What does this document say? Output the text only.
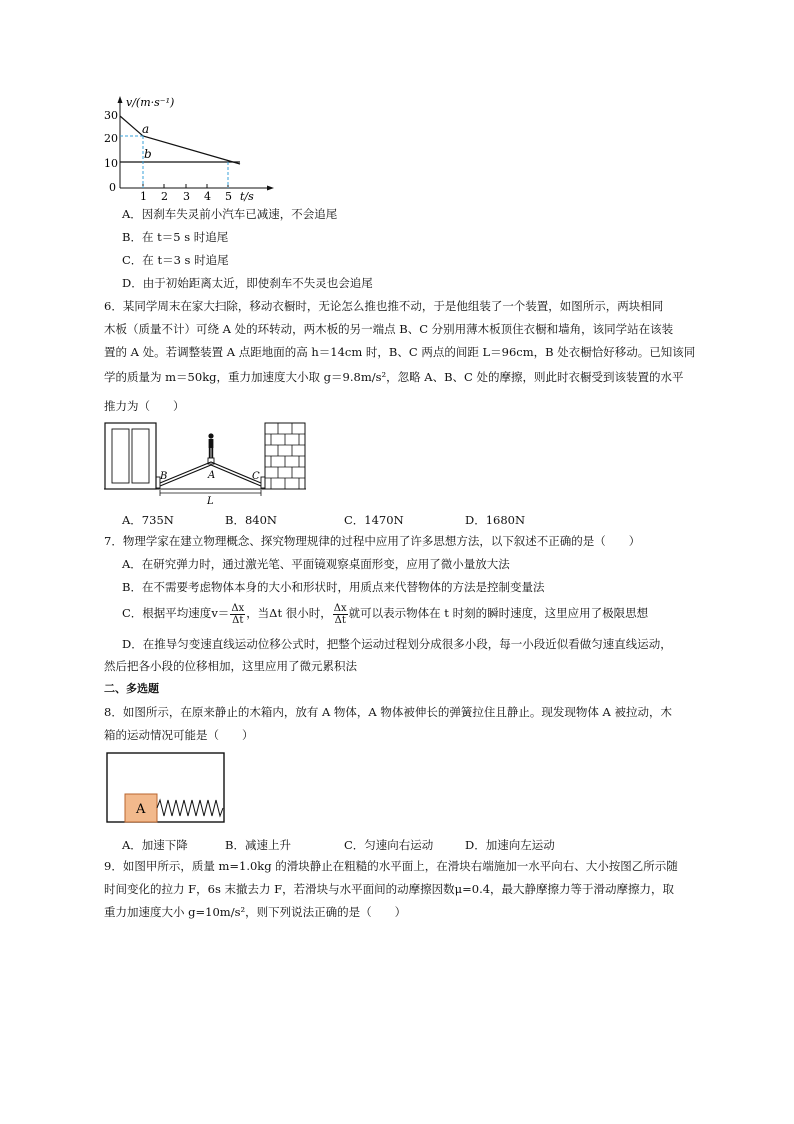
v/(m·s⁻¹)
30
20
10
0
1 2 3 4 5 t/s
a
b
A．因刹车失灵前小汽车已减速，不会追尾
B．在 t＝5 s 时追尾
C．在 t＝3 s 时追尾
D．由于初始距离太近，即使刹车不失灵也会追尾
6．某同学周末在家大扫除，移动衣橱时，无论怎么推也推不动，于是他组装了一个装置，如图所示，两块相同
木板（质量不计）可绕 A 处的环转动，两木板的另一端点 B、C 分别用薄木板顶住衣橱和墙角，该同学站在该装
置的 A 处。若调整装置 A 点距地面的高 h＝14cm 时，B、C 两点的间距 L＝96cm，B 处衣橱恰好移动。已知该同
学的质量为 m＝50kg，重力加速度大小取 g＝9.8m/s²，忽略 A、B、C 处的摩擦，则此时衣橱受到该装置的水平
推力为（　　）
B	A	C
L
A．735N	B．840N	C．1470N	D．1680N
7．物理学家在建立物理概念、探究物理规律的过程中应用了许多思想方法，以下叙述不正确的是（　　）
A．在研究弹力时，通过激光笔、平面镜观察桌面形变，应用了微小量放大法
B．在不需要考虑物体本身的大小和形状时，用质点来代替物体的方法是控制变量法
C．根据平均速度$v= \frac{\Delta x}{\Delta t}$ ，当Δt 很小时， $\frac{\Delta x}{\Delta t}$ 就可以表示物体在 t 时刻的瞬时速度，这里应用了极限思想
D．在推导匀变速直线运动位移公式时，把整个运动过程划分成很多小段，每一小段近似看做匀速直线运动，
然后把各小段的位移相加，这里应用了微元累积法
二、多选题
8．如图所示，在原来静止的木箱内，放有 A 物体，A 物体被伸长的弹簧拉住且静止。现发现物体 A 被拉动，木
箱的运动情况可能是（　　）
A
A．加速下降	B．减速上升	C．匀速向右运动	D．加速向左运动
9．如图甲所示，质量 m=1.0kg 的滑块静止在粗糙的水平面上，在滑块右端施加一水平向右、大小按图乙所示随
时间变化的拉力 F，6s 末撤去力 F，若滑块与水平面间的动摩擦因数μ=0.4，最大静摩擦力等于滑动摩擦力，取
重力加速度大小 g=10m/s²，则下列说法正确的是（　　）
